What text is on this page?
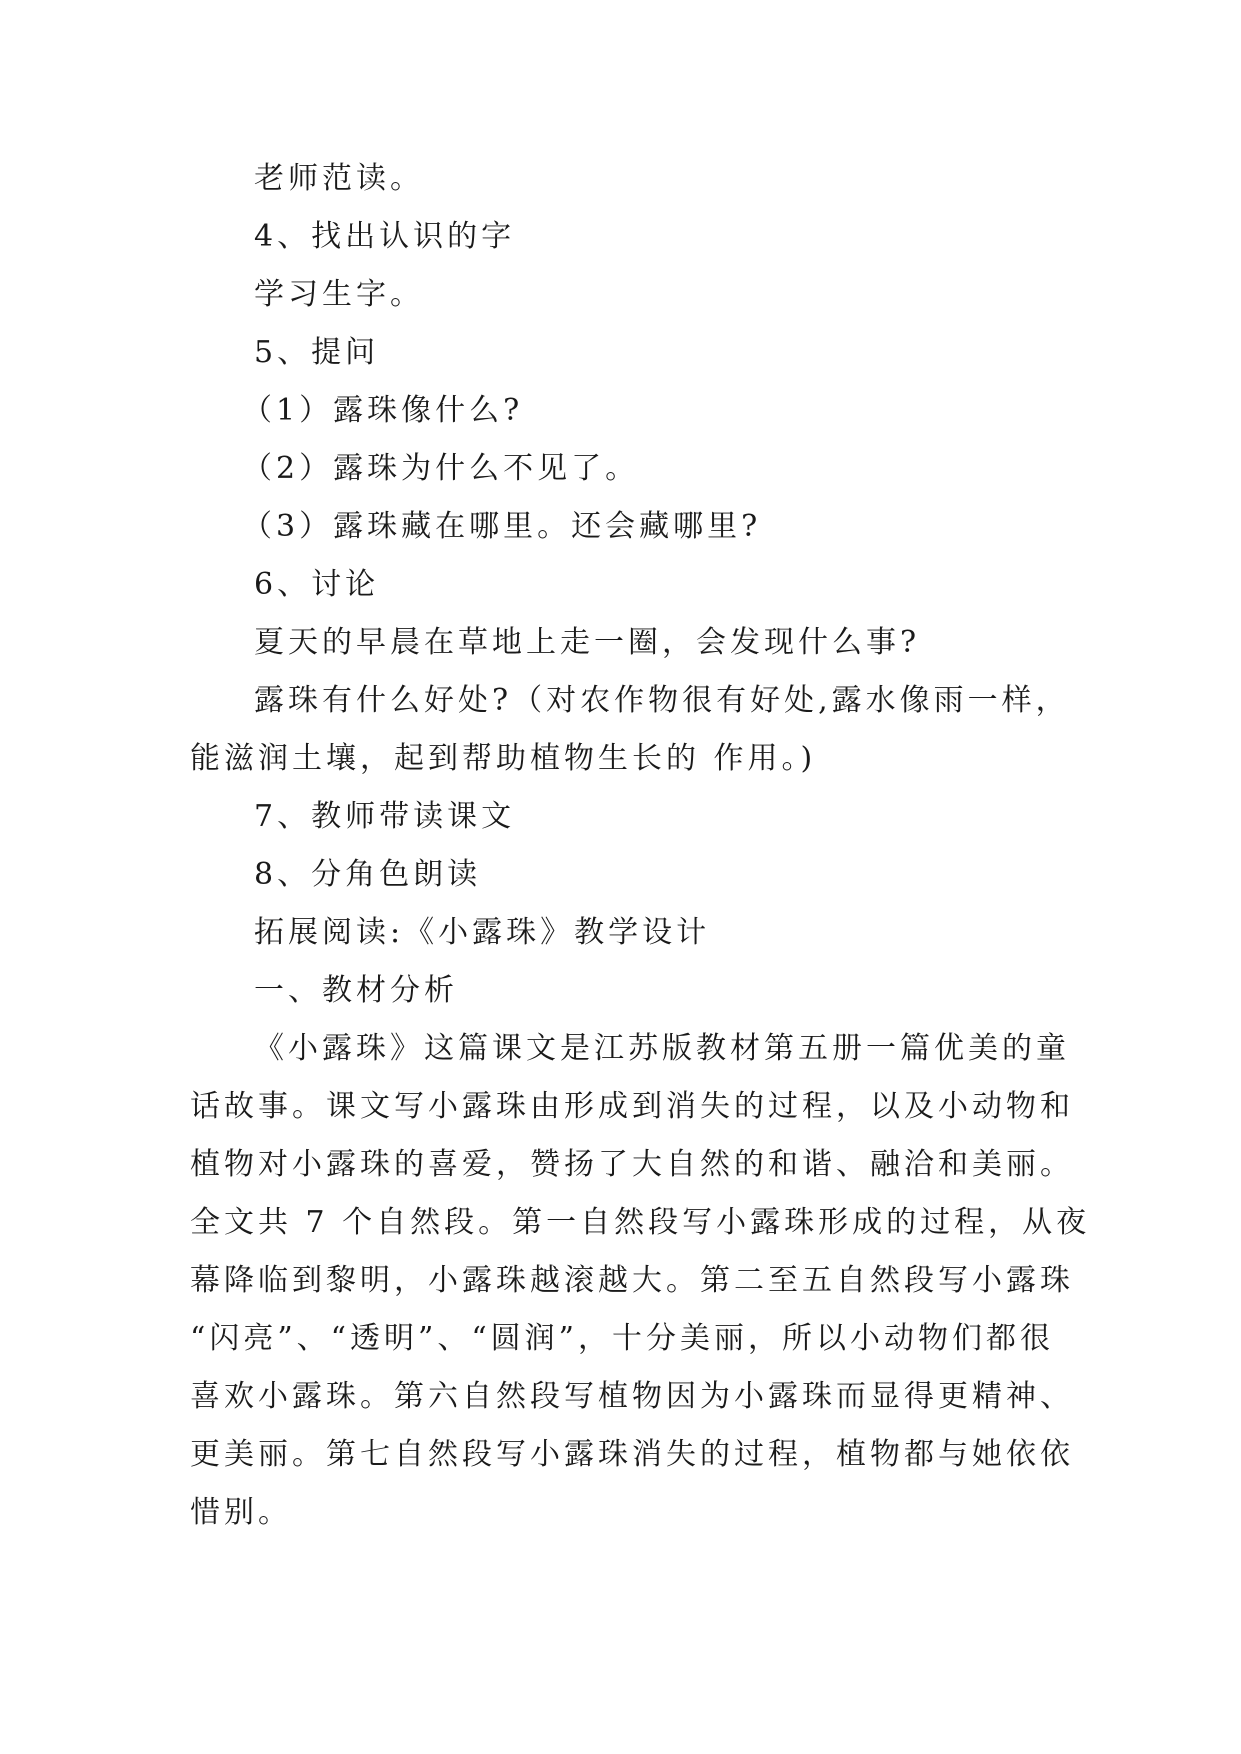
老师范读。
4、找出认识的字
学习生字。
5、提问
（1）露珠像什么?
（2）露珠为什么不见了。
（3）露珠藏在哪里。还会藏哪里?
6、讨论
夏天的早晨在草地上走一圈，会发现什么事?
露珠有什么好处?（对农作物很有好处,露水像雨一样，
能滋润土壤，起到帮助植物生长的 作用。)
7、教师带读课文
8、分角色朗读
拓展阅读:《小露珠》教学设计
一、教材分析
《小露珠》这篇课文是江苏版教材第五册一篇优美的童
话故事。课文写小露珠由形成到消失的过程，以及小动物和
植物对小露珠的喜爱，赞扬了大自然的和谐、融洽和美丽。
全文共 7 个自然段。第一自然段写小露珠形成的过程，从夜
幕降临到黎明，小露珠越滚越大。第二至五自然段写小露珠
“闪亮”、“透明”、“圆润”，十分美丽，所以小动物们都很
喜欢小露珠。第六自然段写植物因为小露珠而显得更精神、
更美丽。第七自然段写小露珠消失的过程，植物都与她依依
惜别。
